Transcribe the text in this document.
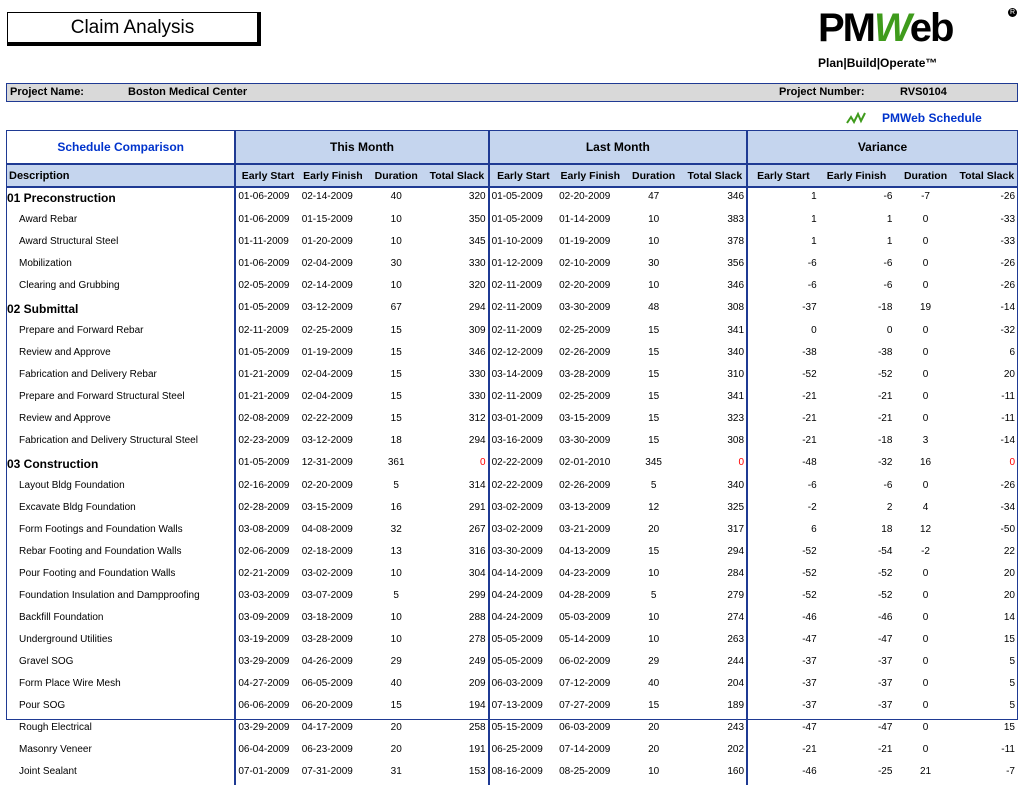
Claim Analysis	PMWeb	R
Plan|Build|Operate™
Project Name:	Boston Medical Center	Project Number:	RVS0104
PMWeb Schedule
Schedule Comparison	This Month				Last Month				Variance			
Description	Early Start	Early Finish	Duration	Total Slack	Early Start	Early Finish	Duration	Total Slack	Early Start	Early Finish	Duration	Total Slack
01 Preconstruction	01-06-2009	02-14-2009	40	320	01-05-2009	02-20-2009	47	346	1	-6	-7	-26
Award Rebar	01-06-2009	01-15-2009	10	350	01-05-2009	01-14-2009	10	383	1	1	0	-33
Award Structural Steel	01-11-2009	01-20-2009	10	345	01-10-2009	01-19-2009	10	378	1	1	0	-33
Mobilization	01-06-2009	02-04-2009	30	330	01-12-2009	02-10-2009	30	356	-6	-6	0	-26
Clearing and Grubbing	02-05-2009	02-14-2009	10	320	02-11-2009	02-20-2009	10	346	-6	-6	0	-26
02 Submittal	01-05-2009	03-12-2009	67	294	02-11-2009	03-30-2009	48	308	-37	-18	19	-14
Prepare and Forward Rebar	02-11-2009	02-25-2009	15	309	02-11-2009	02-25-2009	15	341	0	0	0	-32
Review and Approve	01-05-2009	01-19-2009	15	346	02-12-2009	02-26-2009	15	340	-38	-38	0	6
Fabrication and Delivery Rebar	01-21-2009	02-04-2009	15	330	03-14-2009	03-28-2009	15	310	-52	-52	0	20
Prepare and Forward Structural Steel	01-21-2009	02-04-2009	15	330	02-11-2009	02-25-2009	15	341	-21	-21	0	-11
Review and Approve	02-08-2009	02-22-2009	15	312	03-01-2009	03-15-2009	15	323	-21	-21	0	-11
Fabrication and Delivery Structural Steel	02-23-2009	03-12-2009	18	294	03-16-2009	03-30-2009	15	308	-21	-18	3	-14
03 Construction	01-05-2009	12-31-2009	361	0	02-22-2009	02-01-2010	345	0	-48	-32	16	0
Layout Bldg Foundation	02-16-2009	02-20-2009	5	314	02-22-2009	02-26-2009	5	340	-6	-6	0	-26
Excavate Bldg Foundation	02-28-2009	03-15-2009	16	291	03-02-2009	03-13-2009	12	325	-2	2	4	-34
Form Footings and Foundation Walls	03-08-2009	04-08-2009	32	267	03-02-2009	03-21-2009	20	317	6	18	12	-50
Rebar Footing and Foundation Walls	02-06-2009	02-18-2009	13	316	03-30-2009	04-13-2009	15	294	-52	-54	-2	22
Pour Footing and Foundation Walls	02-21-2009	03-02-2009	10	304	04-14-2009	04-23-2009	10	284	-52	-52	0	20
Foundation Insulation and Dampproofing	03-03-2009	03-07-2009	5	299	04-24-2009	04-28-2009	5	279	-52	-52	0	20
Backfill Foundation	03-09-2009	03-18-2009	10	288	04-24-2009	05-03-2009	10	274	-46	-46	0	14
Underground Utilities	03-19-2009	03-28-2009	10	278	05-05-2009	05-14-2009	10	263	-47	-47	0	15
Gravel SOG	03-29-2009	04-26-2009	29	249	05-05-2009	06-02-2009	29	244	-37	-37	0	5
Form Place Wire Mesh	04-27-2009	06-05-2009	40	209	06-03-2009	07-12-2009	40	204	-37	-37	0	5
Pour SOG	06-06-2009	06-20-2009	15	194	07-13-2009	07-27-2009	15	189	-37	-37	0	5
Rough Electrical	03-29-2009	04-17-2009	20	258	05-15-2009	06-03-2009	20	243	-47	-47	0	15
Masonry Veneer	06-04-2009	06-23-2009	20	191	06-25-2009	07-14-2009	20	202	-21	-21	0	-11
Joint Sealant	07-01-2009	07-31-2009	31	153	08-16-2009	08-25-2009	10	160	-46	-25	21	-7
